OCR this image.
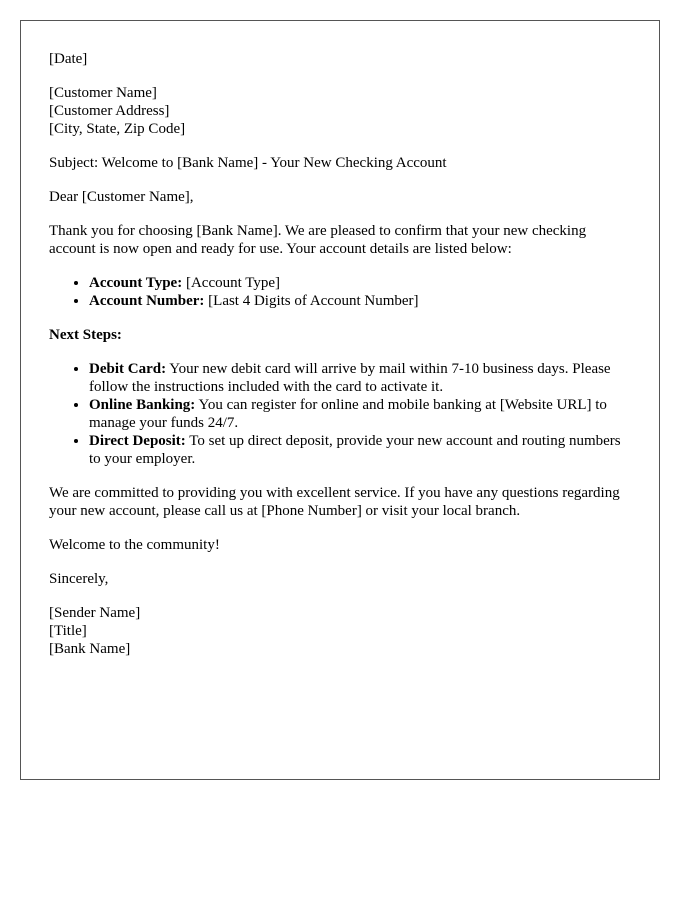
[Date]
[Customer Name]
[Customer Address]
[City, State, Zip Code]
Subject: Welcome to [Bank Name] - Your New Checking Account
Dear [Customer Name],
Thank you for choosing [Bank Name]. We are pleased to confirm that your new checking account is now open and ready for use. Your account details are listed below:
• Account Type: [Account Type]
• Account Number: [Last 4 Digits of Account Number]
Next Steps:
• Debit Card: Your new debit card will arrive by mail within 7-10 business days. Please follow the instructions included with the card to activate it.
• Online Banking: You can register for online and mobile banking at [Website URL] to manage your funds 24/7.
• Direct Deposit: To set up direct deposit, provide your new account and routing numbers to your employer.
We are committed to providing you with excellent service. If you have any questions regarding your new account, please call us at [Phone Number] or visit your local branch.
Welcome to the community!
Sincerely,
[Sender Name]
[Title]
[Bank Name]
